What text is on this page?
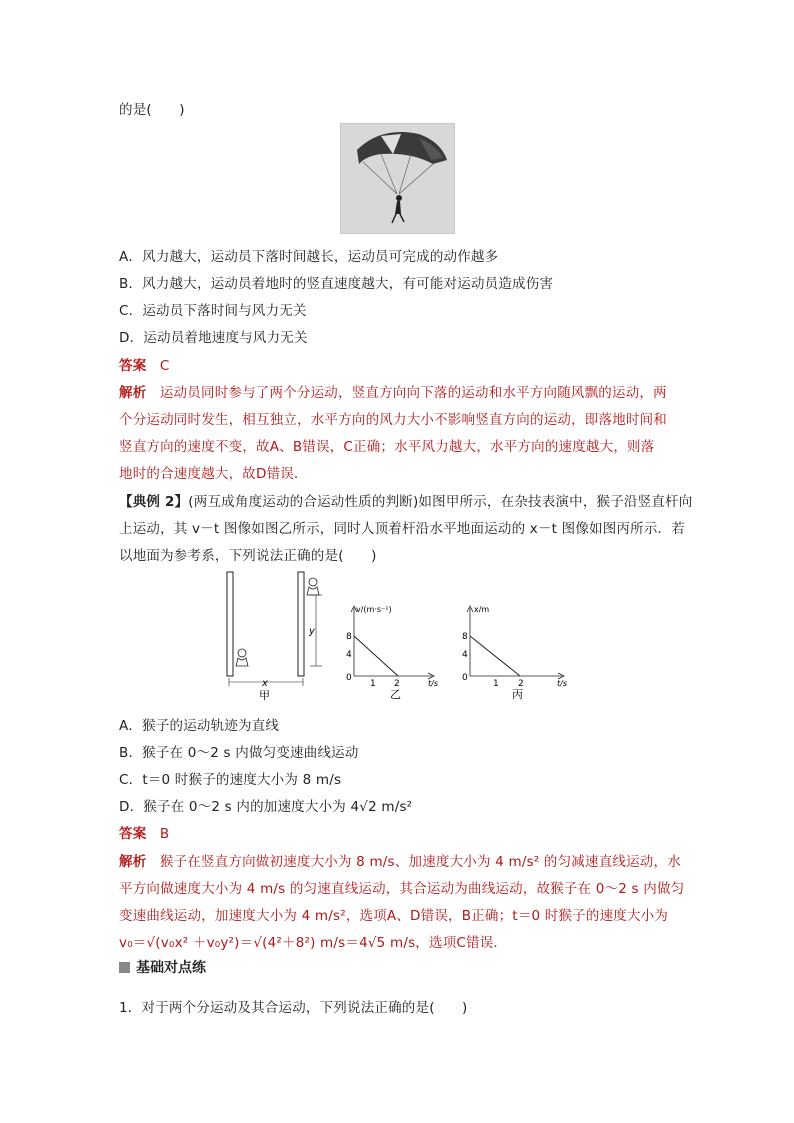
的是(　　)
A．风力越大，运动员下落时间越长，运动员可完成的动作越多
B．风力越大，运动员着地时的竖直速度越大，有可能对运动员造成伤害
C．运动员下落时间与风力无关
D．运动员着地速度与风力无关
答案 C
解析 运动员同时参与了两个分运动，竖直方向向下落的运动和水平方向随风飘的运动，两
个分运动同时发生，相互独立，水平方向的风力大小不影响竖直方向的运动，即落地时间和
竖直方向的速度不变，故A、B错误，C正确；水平风力越大，水平方向的速度越大，则落
地时的合速度越大，故D错误．
【典例 2】(两互成角度运动的合运动性质的判断)如图甲所示，在杂技表演中，猴子沿竖直杆向
上运动，其 v－t 图像如图乙所示，同时人顶着杆沿水平地面运动的 x－t 图像如图丙所示．若
以地面为参考系，下列说法正确的是(　　)
y
x
甲
v/(m·s⁻¹)
8
4
0
1 2	t/s
乙
x/m
8
4
0
1 2	t/s
丙
A．猴子的运动轨迹为直线
B．猴子在 0～2 s 内做匀变速曲线运动
C．t＝0 时猴子的速度大小为 8 m/s
D．猴子在 0～2 s 内的加速度大小为 4√2 m/s²
答案 B
解析 猴子在竖直方向做初速度大小为 8 m/s、加速度大小为 4 m/s² 的匀减速直线运动，水
平方向做速度大小为 4 m/s 的匀速直线运动，其合运动为曲线运动，故猴子在 0～2 s 内做匀
变速曲线运动，加速度大小为 4 m/s²，选项A、D错误，B正确；t＝0 时猴子的速度大小为
v₀＝√(v₀x² ＋v₀y²)＝√(4²＋8²) m/s＝4√5 m/s，选项C错误．
基础对点练
1．对于两个分运动及其合运动，下列说法正确的是(　　)
